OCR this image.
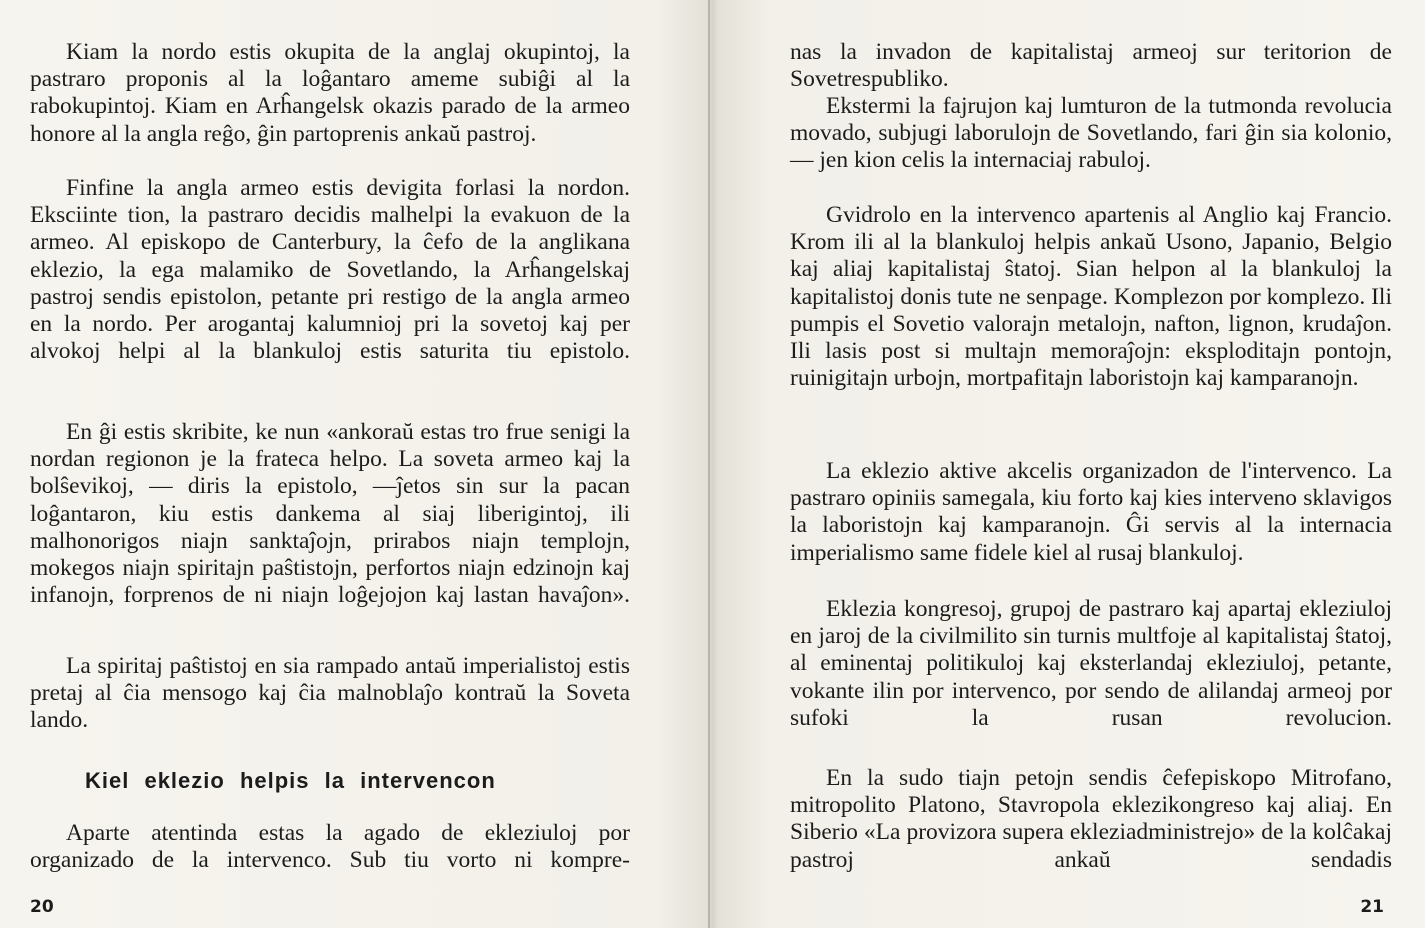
Kiam la nordo estis okupita de la anglaj okupintoj, la pastraro proponis al la loĝantaro ameme subiĝi al la rabokupintoj. Kiam en Arĥangelsk okazis parado de la armeo honore al la angla reĝo, ĝin partoprenis ankaŭ pastroj.

Finfine la angla armeo estis devigita forlasi la nordon. Eksciinte tion, la pastraro decidis malhelpi la evakuon de la armeo. Al episkopo de Canterbury, la ĉefo de la anglikana eklezio, la ega malamiko de Sovetlando, la Arĥangelskaj pastroj sendis epistolon, petante pri restigo de la angla armeo en la nordo. Per arogantaj kalumnioj pri la sovetoj kaj per alvokoj helpi al la blankuloj estis saturita tiu epistolo.

En ĝi estis skribite, ke nun «ankoraŭ estas tro frue senigi la nordan regionon je la frateca helpo. La soveta armeo kaj la bolŝevikoj, — diris la epistolo, —ĵetos sin sur la pacan loĝantaron, kiu estis dankema al siaj liberigintoj, ili malhonorigos niajn sanktaĵojn, prirabos niajn templojn, mokegos niajn spiritajn paŝtistojn, perfortos niajn edzinojn kaj infanojn, forprenos de ni niajn loĝejojon kaj lastan havaĵon».

La spiritaj paŝtistoj en sia rampado antaŭ imperialistoj estis pretaj al ĉia mensogo kaj ĉia malnoblaĵo kontraŭ la Soveta lando.

Kiel eklezio helpis la intervencon

Aparte atentinda estas la agado de ekleziuloj por organizado de la intervenco. Sub tiu vorto ni kompre-

20

nas la invadon de kapitalistaj armeoj sur teritorion de Sovetrespubliko.

Ekstermi la fajrujon kaj lumturon de la tutmonda revolucia movado, subjugi laborulojn de Sovetlando, fari ĝin sia kolonio, — jen kion celis la internaciaj rabuloj.

Gvidrolo en la intervenco apartenis al Anglio kaj Francio. Krom ili al la blankuloj helpis ankaŭ Usono, Japanio, Belgio kaj aliaj kapitalistaj ŝtatoj. Sian helpon al la blankuloj la kapitalistoj donis tute ne senpage. Komplezon por komplezo. Ili pumpis el Sovetio valorajn metalojn, nafton, lignon, krudaĵon. Ili lasis post si multajn memoraĵojn: eksploditajn pontojn, ruinigitajn urbojn, mortpafitajn laboristojn kaj kamparanojn.

La eklezio aktive akcelis organizadon de l'intervenco. La pastraro opiniis samegala, kiu forto kaj kies interveno sklavigos la laboristojn kaj kamparanojn. Ĝi servis al la internacia imperialismo same fidele kiel al rusaj blankuloj.

Eklezia kongresoj, grupoj de pastraro kaj apartaj ekleziuloj en jaroj de la civilmilito sin turnis multfoje al kapitalistaj ŝtatoj, al eminentaj politikuloj kaj eksterlandaj ekleziuloj, petante, vokante ilin por intervenco, por sendo de alilandaj armeoj por sufoki la rusan revolucion.

En la sudo tiajn petojn sendis ĉefepiskopo Mitrofano, mitropolito Platono, Stavropola eklezikongreso kaj aliaj. En Siberio «La provizora supera ekleziadministrejo» de la kolĉakaj pastroj ankaŭ sendadis

21
